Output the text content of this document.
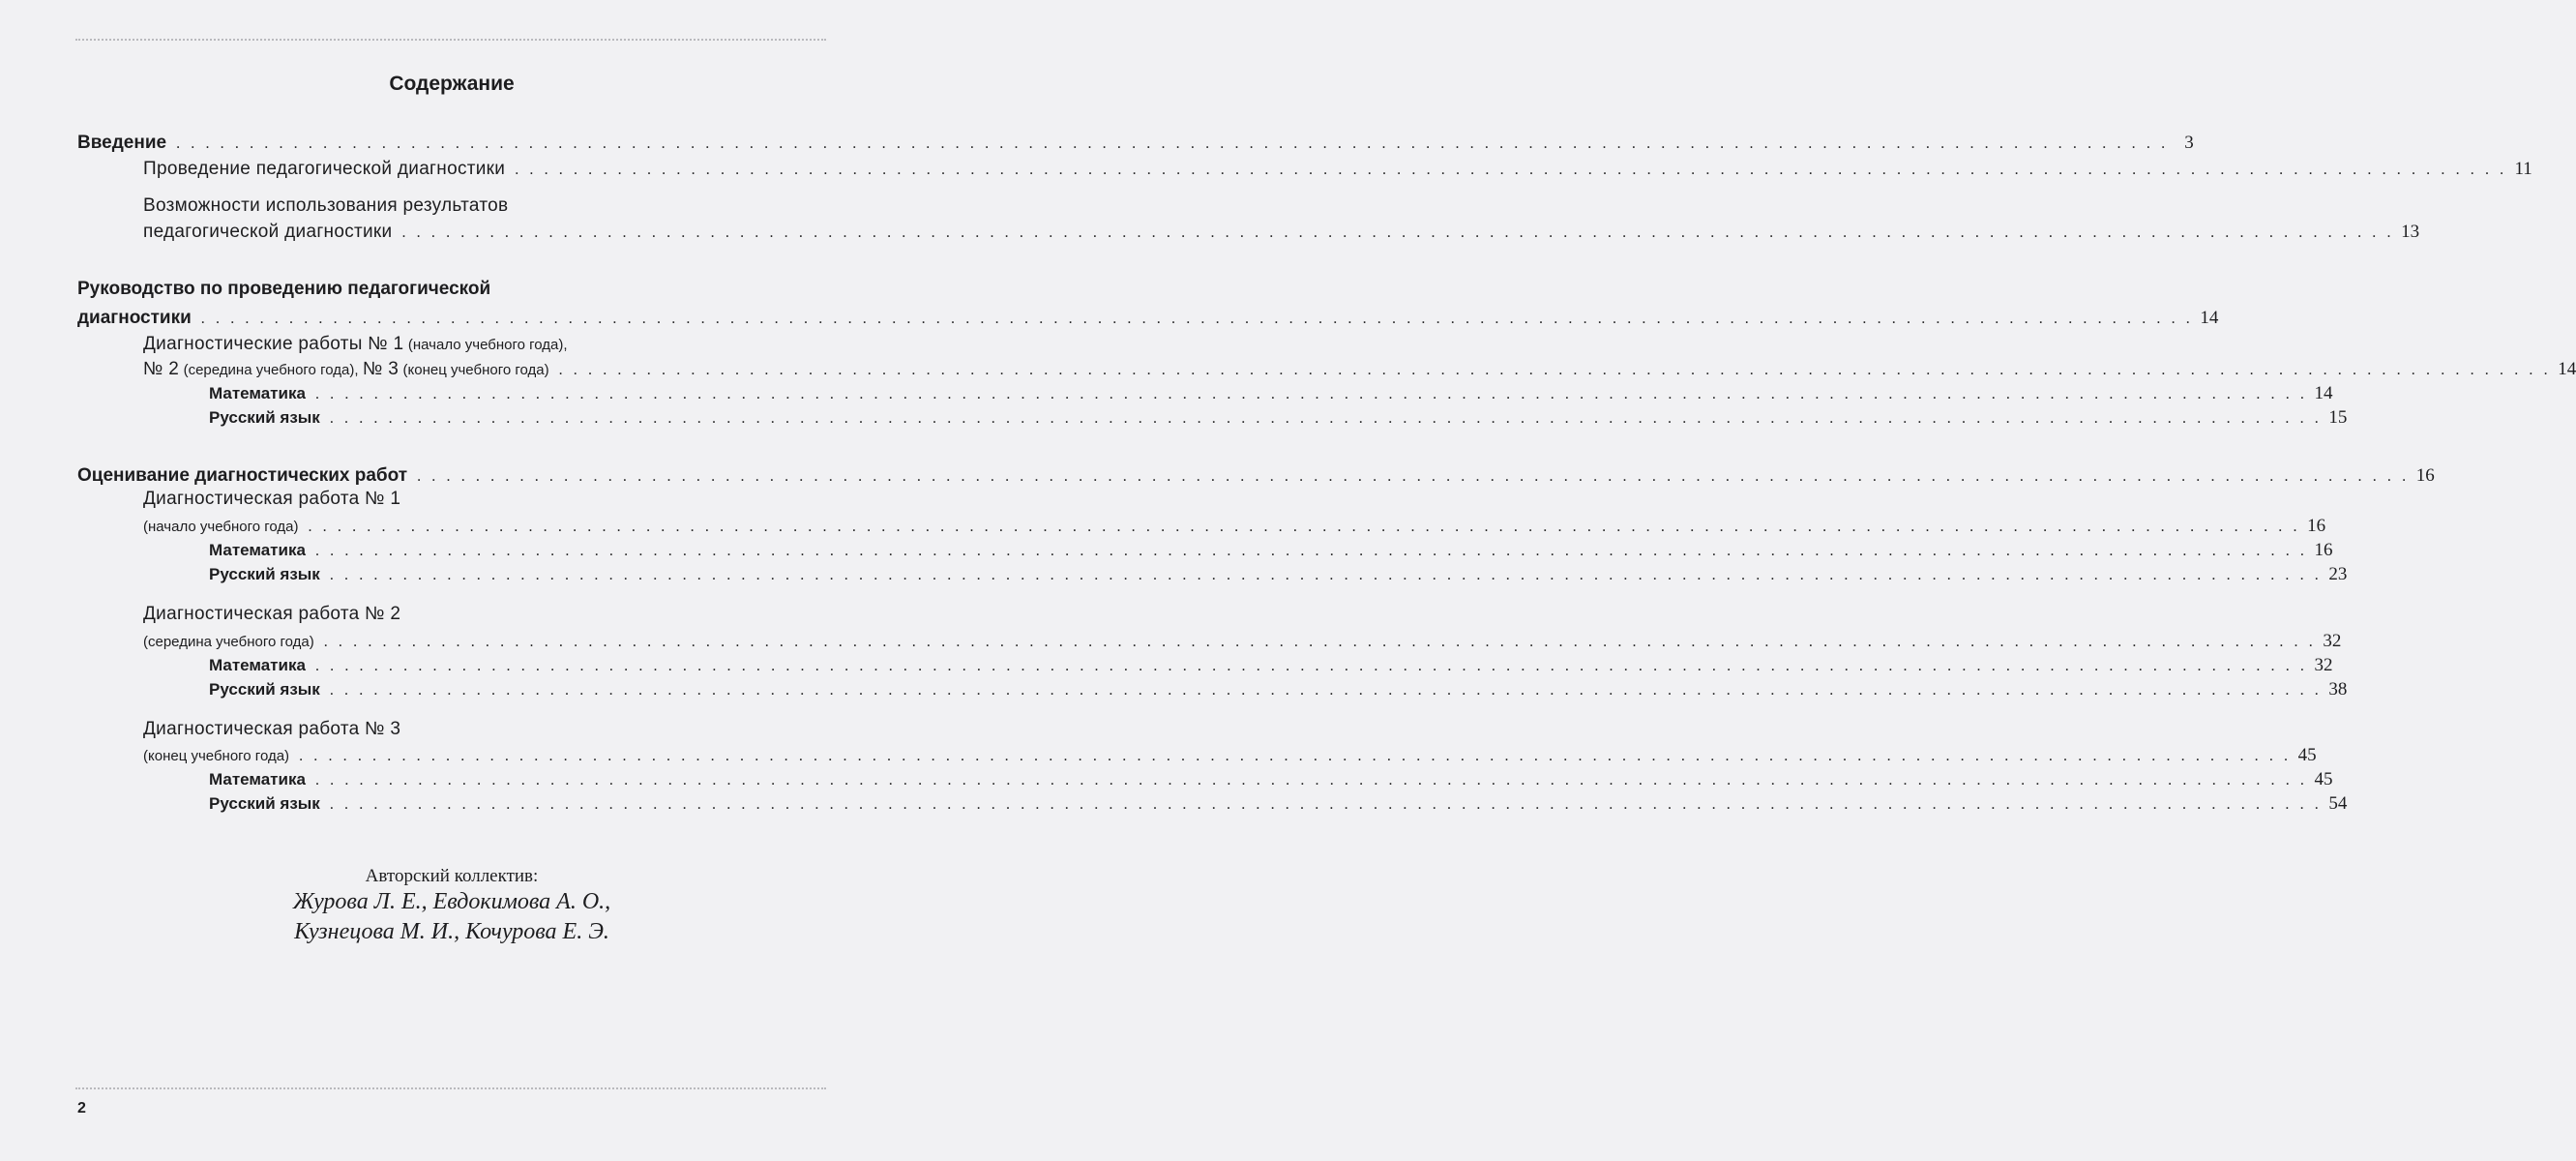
Содержание
Введение . . .	3
Проведение педагогической диагностики . . .	11
Возможности использования результатов
педагогической диагностики . . .	13
Руководство по проведению педагогической
диагностики . . .	14
Диагностические работы № 1 (начало учебного года),
№ 2 (середина учебного года), № 3 (конец учебного года) . . .	14
Математика . . .	14
Русский язык . . .	15
Оценивание диагностических работ . . .	16
Диагностическая работа № 1
(начало учебного года) . . .	16
Математика . . .	16
Русский язык . . .	23
Диагностическая работа № 2
(середина учебного года) . . .	32
Математика . . .	32
Русский язык . . .	38
Диагностическая работа № 3
(конец учебного года) . . .	45
Математика . . .	45
Русский язык . . .	54
Авторский коллектив:
Журова Л. Е., Евдокимова А. О.,
Кузнецова М. И., Кочурова Е. Э.
2
